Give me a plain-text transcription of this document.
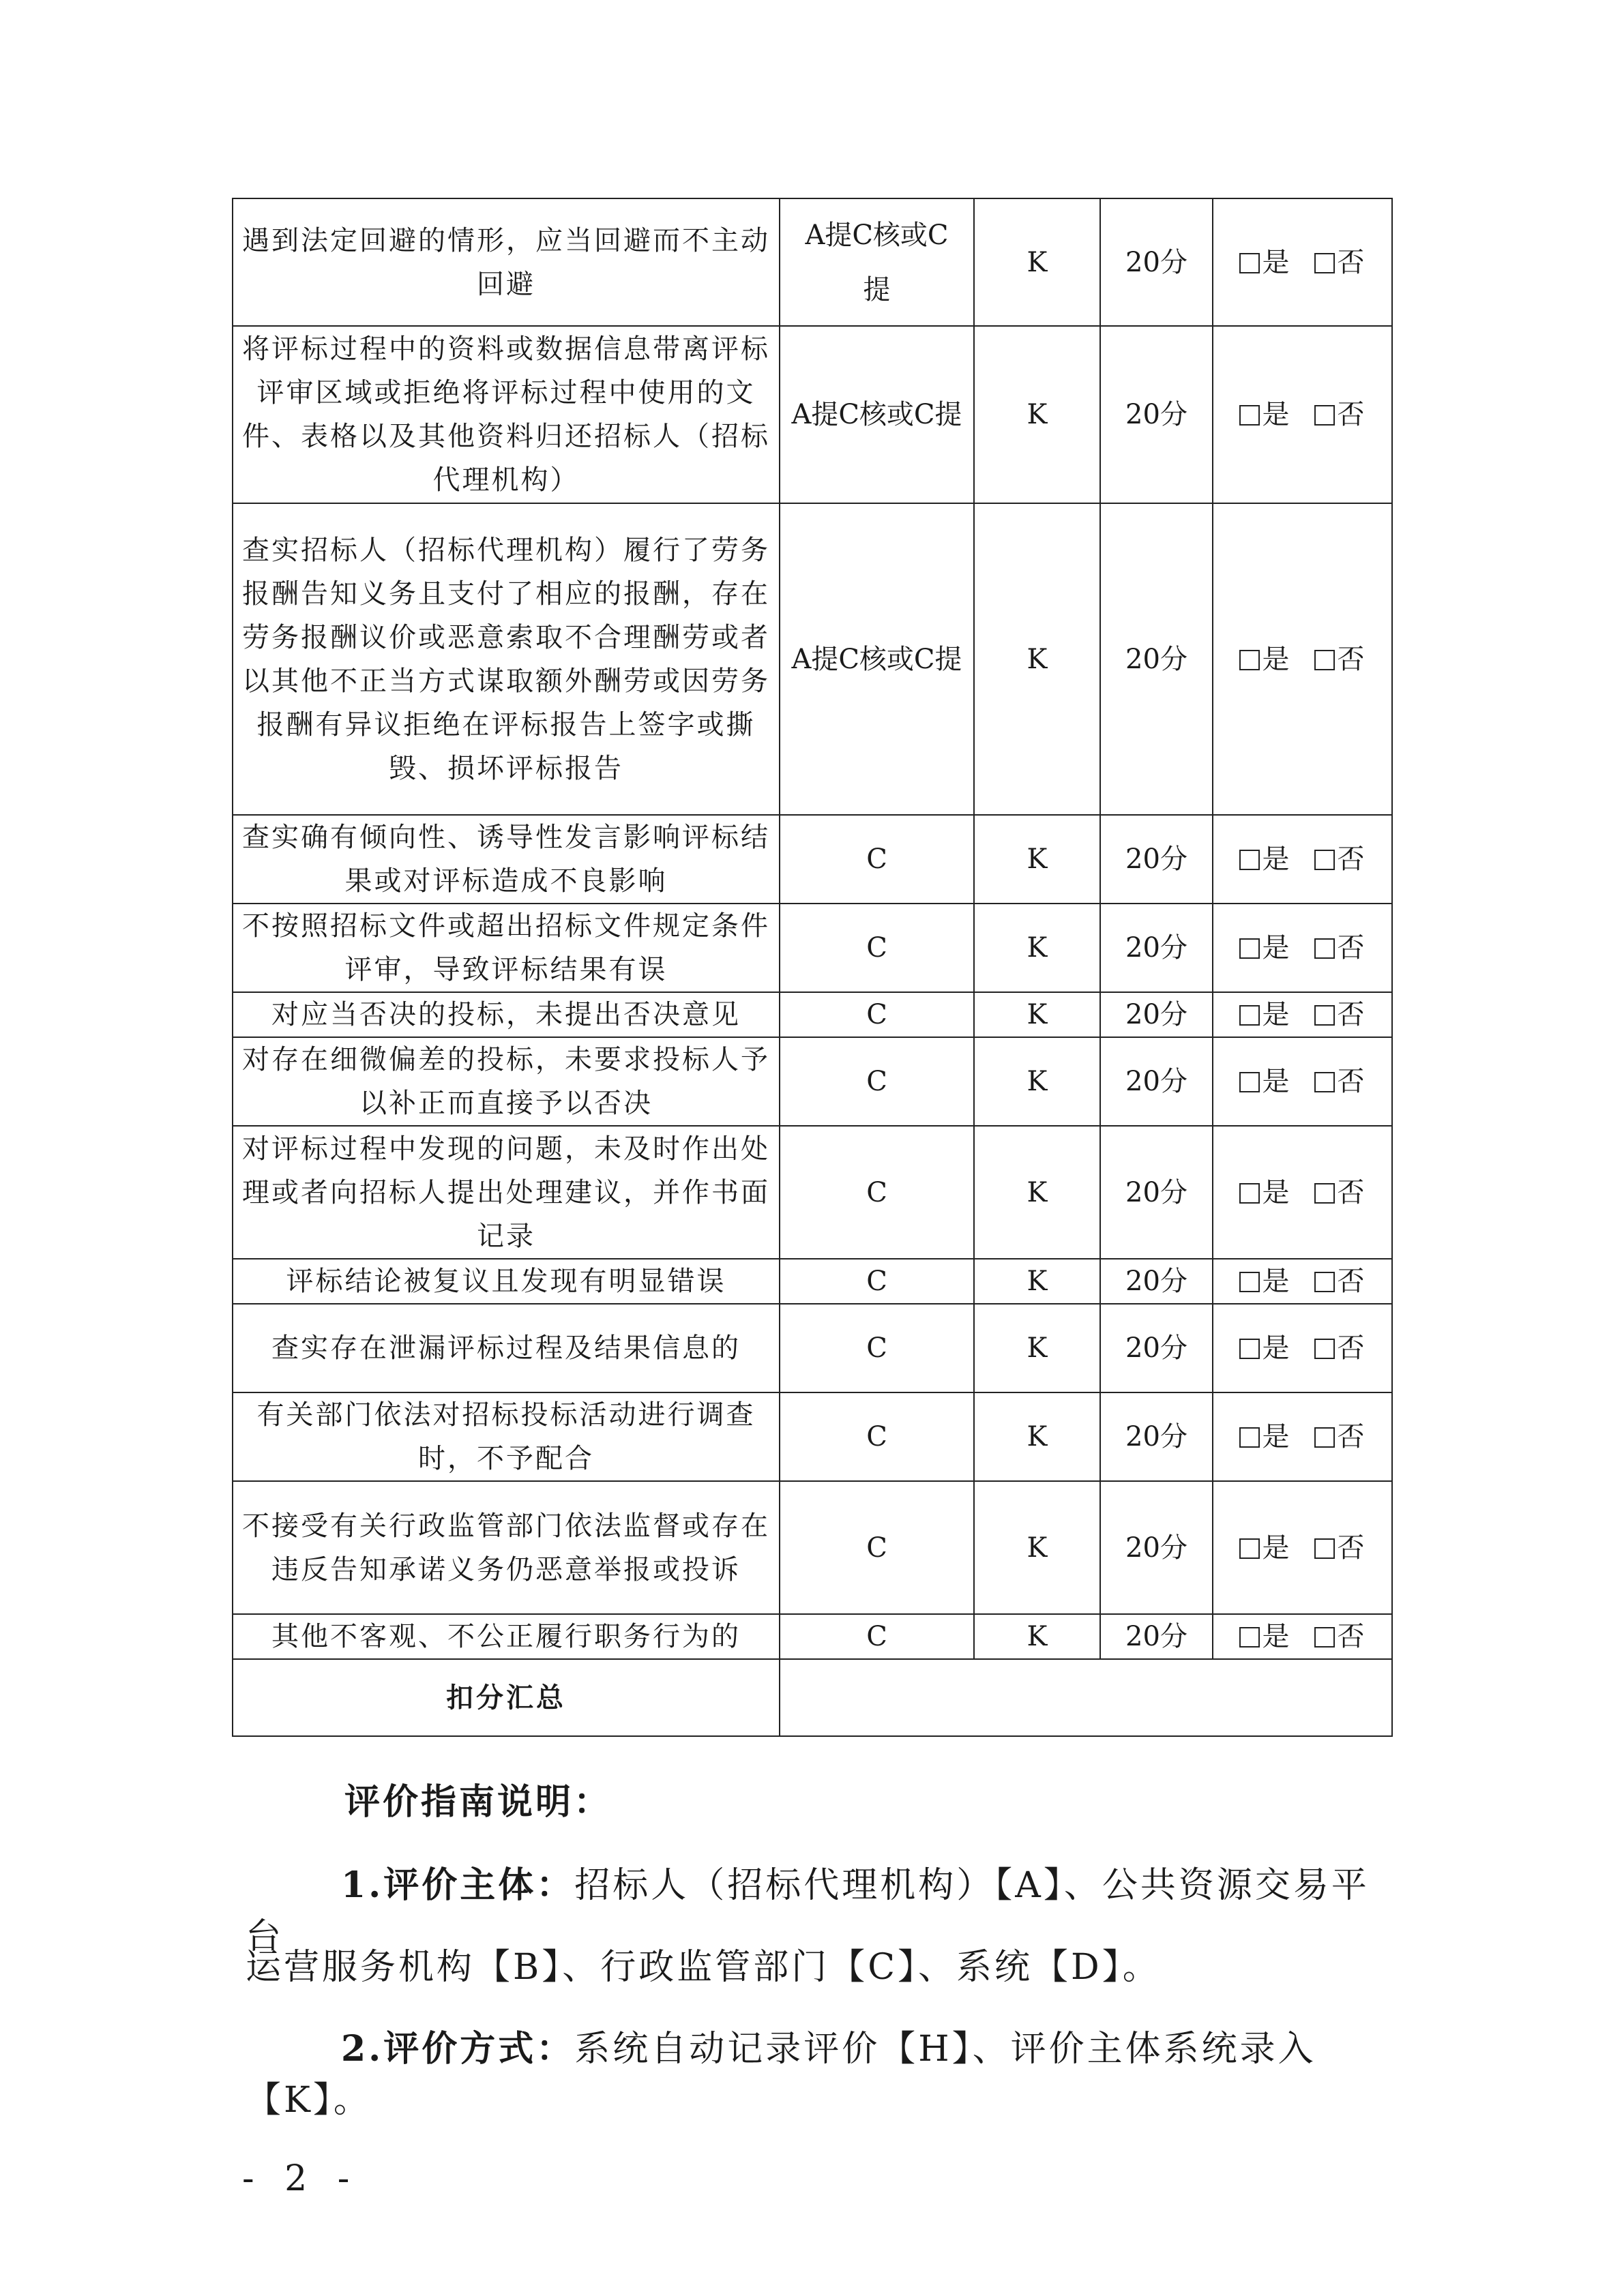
遇到法定回避的情形，应当回避而不主动回避	A提C核或C提	K	20分	是 否
将评标过程中的资料或数据信息带离评标评审区域或拒绝将评标过程中使用的文件、表格以及其他资料归还招标人（招标代理机构）	A提C核或C提	K	20分	是 否
查实招标人（招标代理机构）履行了劳务报酬告知义务且支付了相应的报酬，存在劳务报酬议价或恶意索取不合理酬劳或者以其他不正当方式谋取额外酬劳或因劳务报酬有异议拒绝在评标报告上签字或撕毁、损坏评标报告	A提C核或C提	K	20分	是 否
查实确有倾向性、诱导性发言影响评标结果或对评标造成不良影响	C	K	20分	是 否
不按照招标文件或超出招标文件规定条件评审，导致评标结果有误	C	K	20分	是 否
对应当否决的投标，未提出否决意见	C	K	20分	是 否
对存在细微偏差的投标，未要求投标人予以补正而直接予以否决	C	K	20分	是 否
对评标过程中发现的问题，未及时作出处理或者向招标人提出处理建议，并作书面记录	C	K	20分	是 否
评标结论被复议且发现有明显错误	C	K	20分	是 否
查实存在泄漏评标过程及结果信息的	C	K	20分	是 否
有关部门依法对招标投标活动进行调查时，不予配合	C	K	20分	是 否
不接受有关行政监管部门依法监督或存在违反告知承诺义务仍恶意举报或投诉	C	K	20分	是 否
其他不客观、不公正履行职务行为的	C	K	20分	是 否
扣分汇总				
评价指南说明：
1.评价主体：招标人（招标代理机构）【A】、公共资源交易平台
运营服务机构【B】、行政监管部门【C】、系统【D】。
2.评价方式：系统自动记录评价【H】、评价主体系统录入【K】。
- 2 -
